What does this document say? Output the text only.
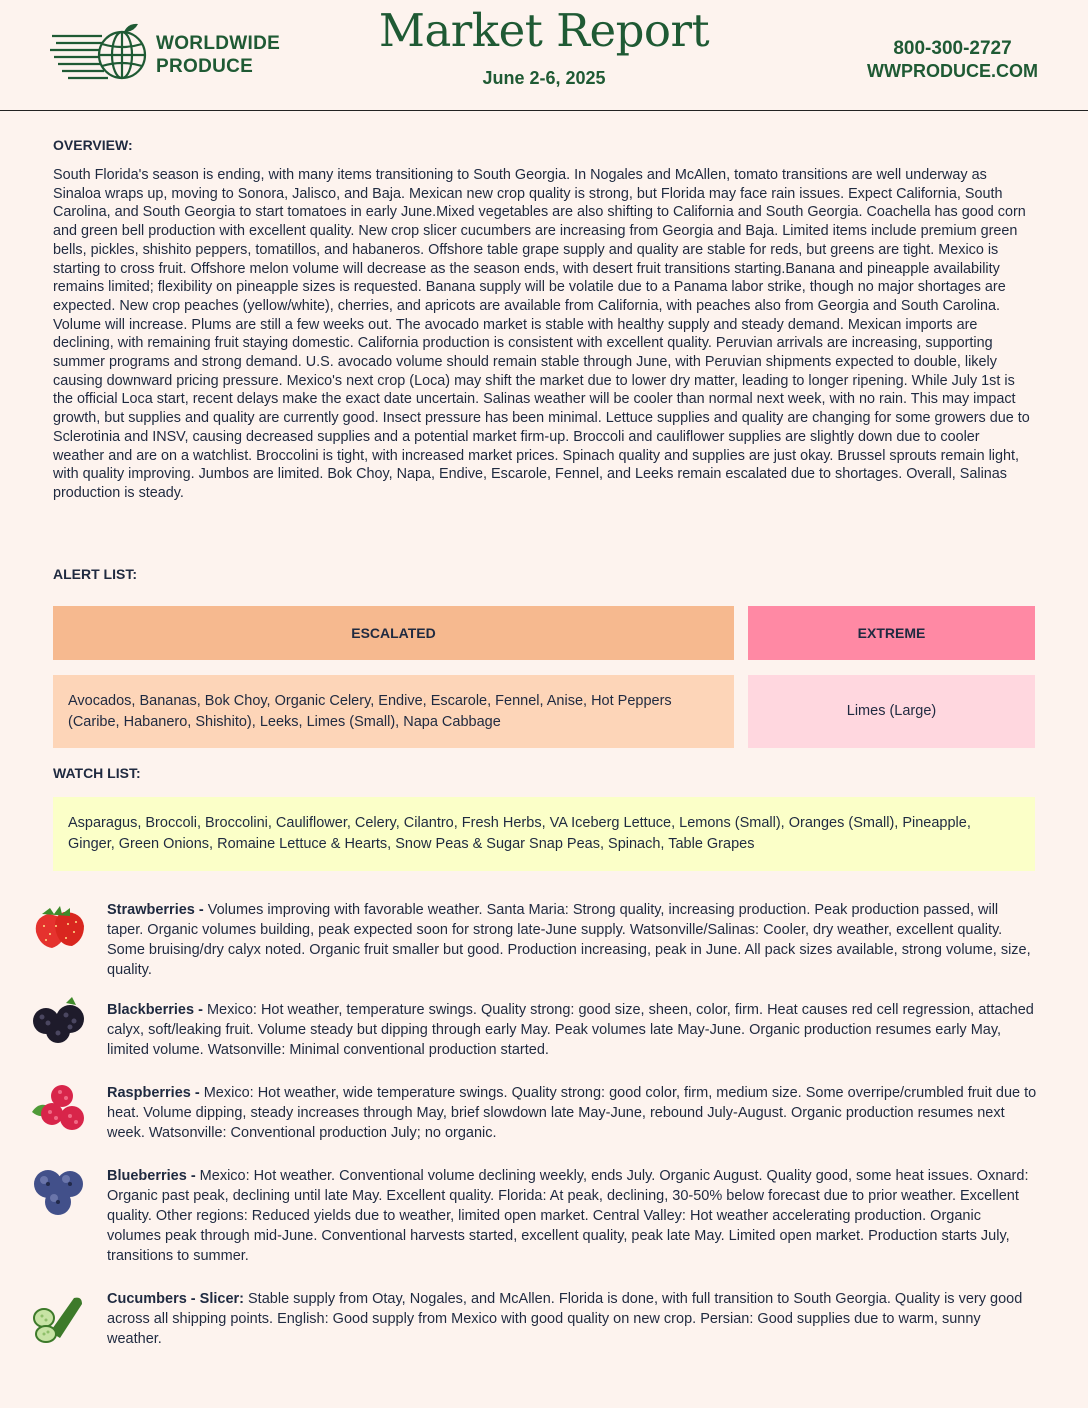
WORLDWIDE
PRODUCE
Market Report
June 2-6, 2025
800-300-2727
WWPRODUCE.COM
OVERVIEW:

South Florida's season is ending, with many items transitioning to South Georgia. In Nogales and McAllen, tomato transitions are well underway as Sinaloa wraps up, moving to Sonora, Jalisco, and Baja. Mexican new crop quality is strong, but Florida may face rain issues. Expect California, South Carolina, and South Georgia to start tomatoes in early June.Mixed vegetables are also shifting to California and South Georgia. Coachella has good corn and green bell production with excellent quality. New crop slicer cucumbers are increasing from Georgia and Baja. Limited items include premium green bells, pickles, shishito peppers, tomatillos, and habaneros. Offshore table grape supply and quality are stable for reds, but greens are tight. Mexico is starting to cross fruit. Offshore melon volume will decrease as the season ends, with desert fruit transitions starting.Banana and pineapple availability remains limited; flexibility on pineapple sizes is requested. Banana supply will be volatile due to a Panama labor strike, though no major shortages are expected. New crop peaches (yellow/white), cherries, and apricots are available from California, with peaches also from Georgia and South Carolina. Volume will increase. Plums are still a few weeks out. The avocado market is stable with healthy supply and steady demand. Mexican imports are declining, with remaining fruit staying domestic. California production is consistent with excellent quality. Peruvian arrivals are increasing, supporting summer programs and strong demand. U.S. avocado volume should remain stable through June, with Peruvian shipments expected to double, likely causing downward pricing pressure. Mexico's next crop (Loca) may shift the market due to lower dry matter, leading to longer ripening. While July 1st is the official Loca start, recent delays make the exact date uncertain. Salinas weather will be cooler than normal next week, with no rain. This may impact growth, but supplies and quality are currently good. Insect pressure has been minimal. Lettuce supplies and quality are changing for some growers due to Sclerotinia and INSV, causing decreased supplies and a potential market firm-up. Broccoli and cauliflower supplies are slightly down due to cooler weather and are on a watchlist. Broccolini is tight, with increased market prices. Spinach quality and supplies are just okay. Brussel sprouts remain light, with quality improving. Jumbos are limited. Bok Choy, Napa, Endive, Escarole, Fennel, and Leeks remain escalated due to shortages. Overall, Salinas production is steady.

ALERT LIST:
ESCALATED	EXTREME
Avocados, Bananas, Bok Choy, Organic Celery, Endive, Escarole, Fennel, Anise, Hot Peppers (Caribe, Habanero, Shishito), Leeks, Limes (Small), Napa Cabbage
Limes (Large)
WATCH LIST:
Asparagus, Broccoli, Broccolini, Cauliflower, Celery, Cilantro, Fresh Herbs, VA Iceberg Lettuce, Lemons (Small), Oranges (Small), Pineapple, Ginger, Green Onions, Romaine Lettuce & Hearts, Snow Peas & Sugar Snap Peas, Spinach, Table Grapes

Strawberries - Volumes improving with favorable weather. Santa Maria: Strong quality, increasing production. Peak production passed, will taper. Organic volumes building, peak expected soon for strong late-June supply. Watsonville/Salinas: Cooler, dry weather, excellent quality. Some bruising/dry calyx noted. Organic fruit smaller but good. Production increasing, peak in June. All pack sizes available, strong volume, size, quality.

Blackberries - Mexico: Hot weather, temperature swings. Quality strong: good size, sheen, color, firm. Heat causes red cell regression, attached calyx, soft/leaking fruit. Volume steady but dipping through early May. Peak volumes late May-June. Organic production resumes early May, limited volume. Watsonville: Minimal conventional production started.

Raspberries - Mexico: Hot weather, wide temperature swings. Quality strong: good color, firm, medium size. Some overripe/crumbled fruit due to heat. Volume dipping, steady increases through May, brief slowdown late May-June, rebound July-August. Organic production resumes next week. Watsonville: Conventional production July; no organic.

Blueberries - Mexico: Hot weather. Conventional volume declining weekly, ends July. Organic August. Quality good, some heat issues. Oxnard: Organic past peak, declining until late May. Excellent quality. Florida: At peak, declining, 30-50% below forecast due to prior weather. Excellent quality. Other regions: Reduced yields due to weather, limited open market. Central Valley: Hot weather accelerating production. Organic volumes peak through mid-June. Conventional harvests started, excellent quality, peak late May. Limited open market. Production starts July, transitions to summer.

Cucumbers - Slicer: Stable supply from Otay, Nogales, and McAllen. Florida is done, with full transition to South Georgia. Quality is very good across all shipping points. English: Good supply from Mexico with good quality on new crop. Persian: Good supplies due to warm, sunny weather.
